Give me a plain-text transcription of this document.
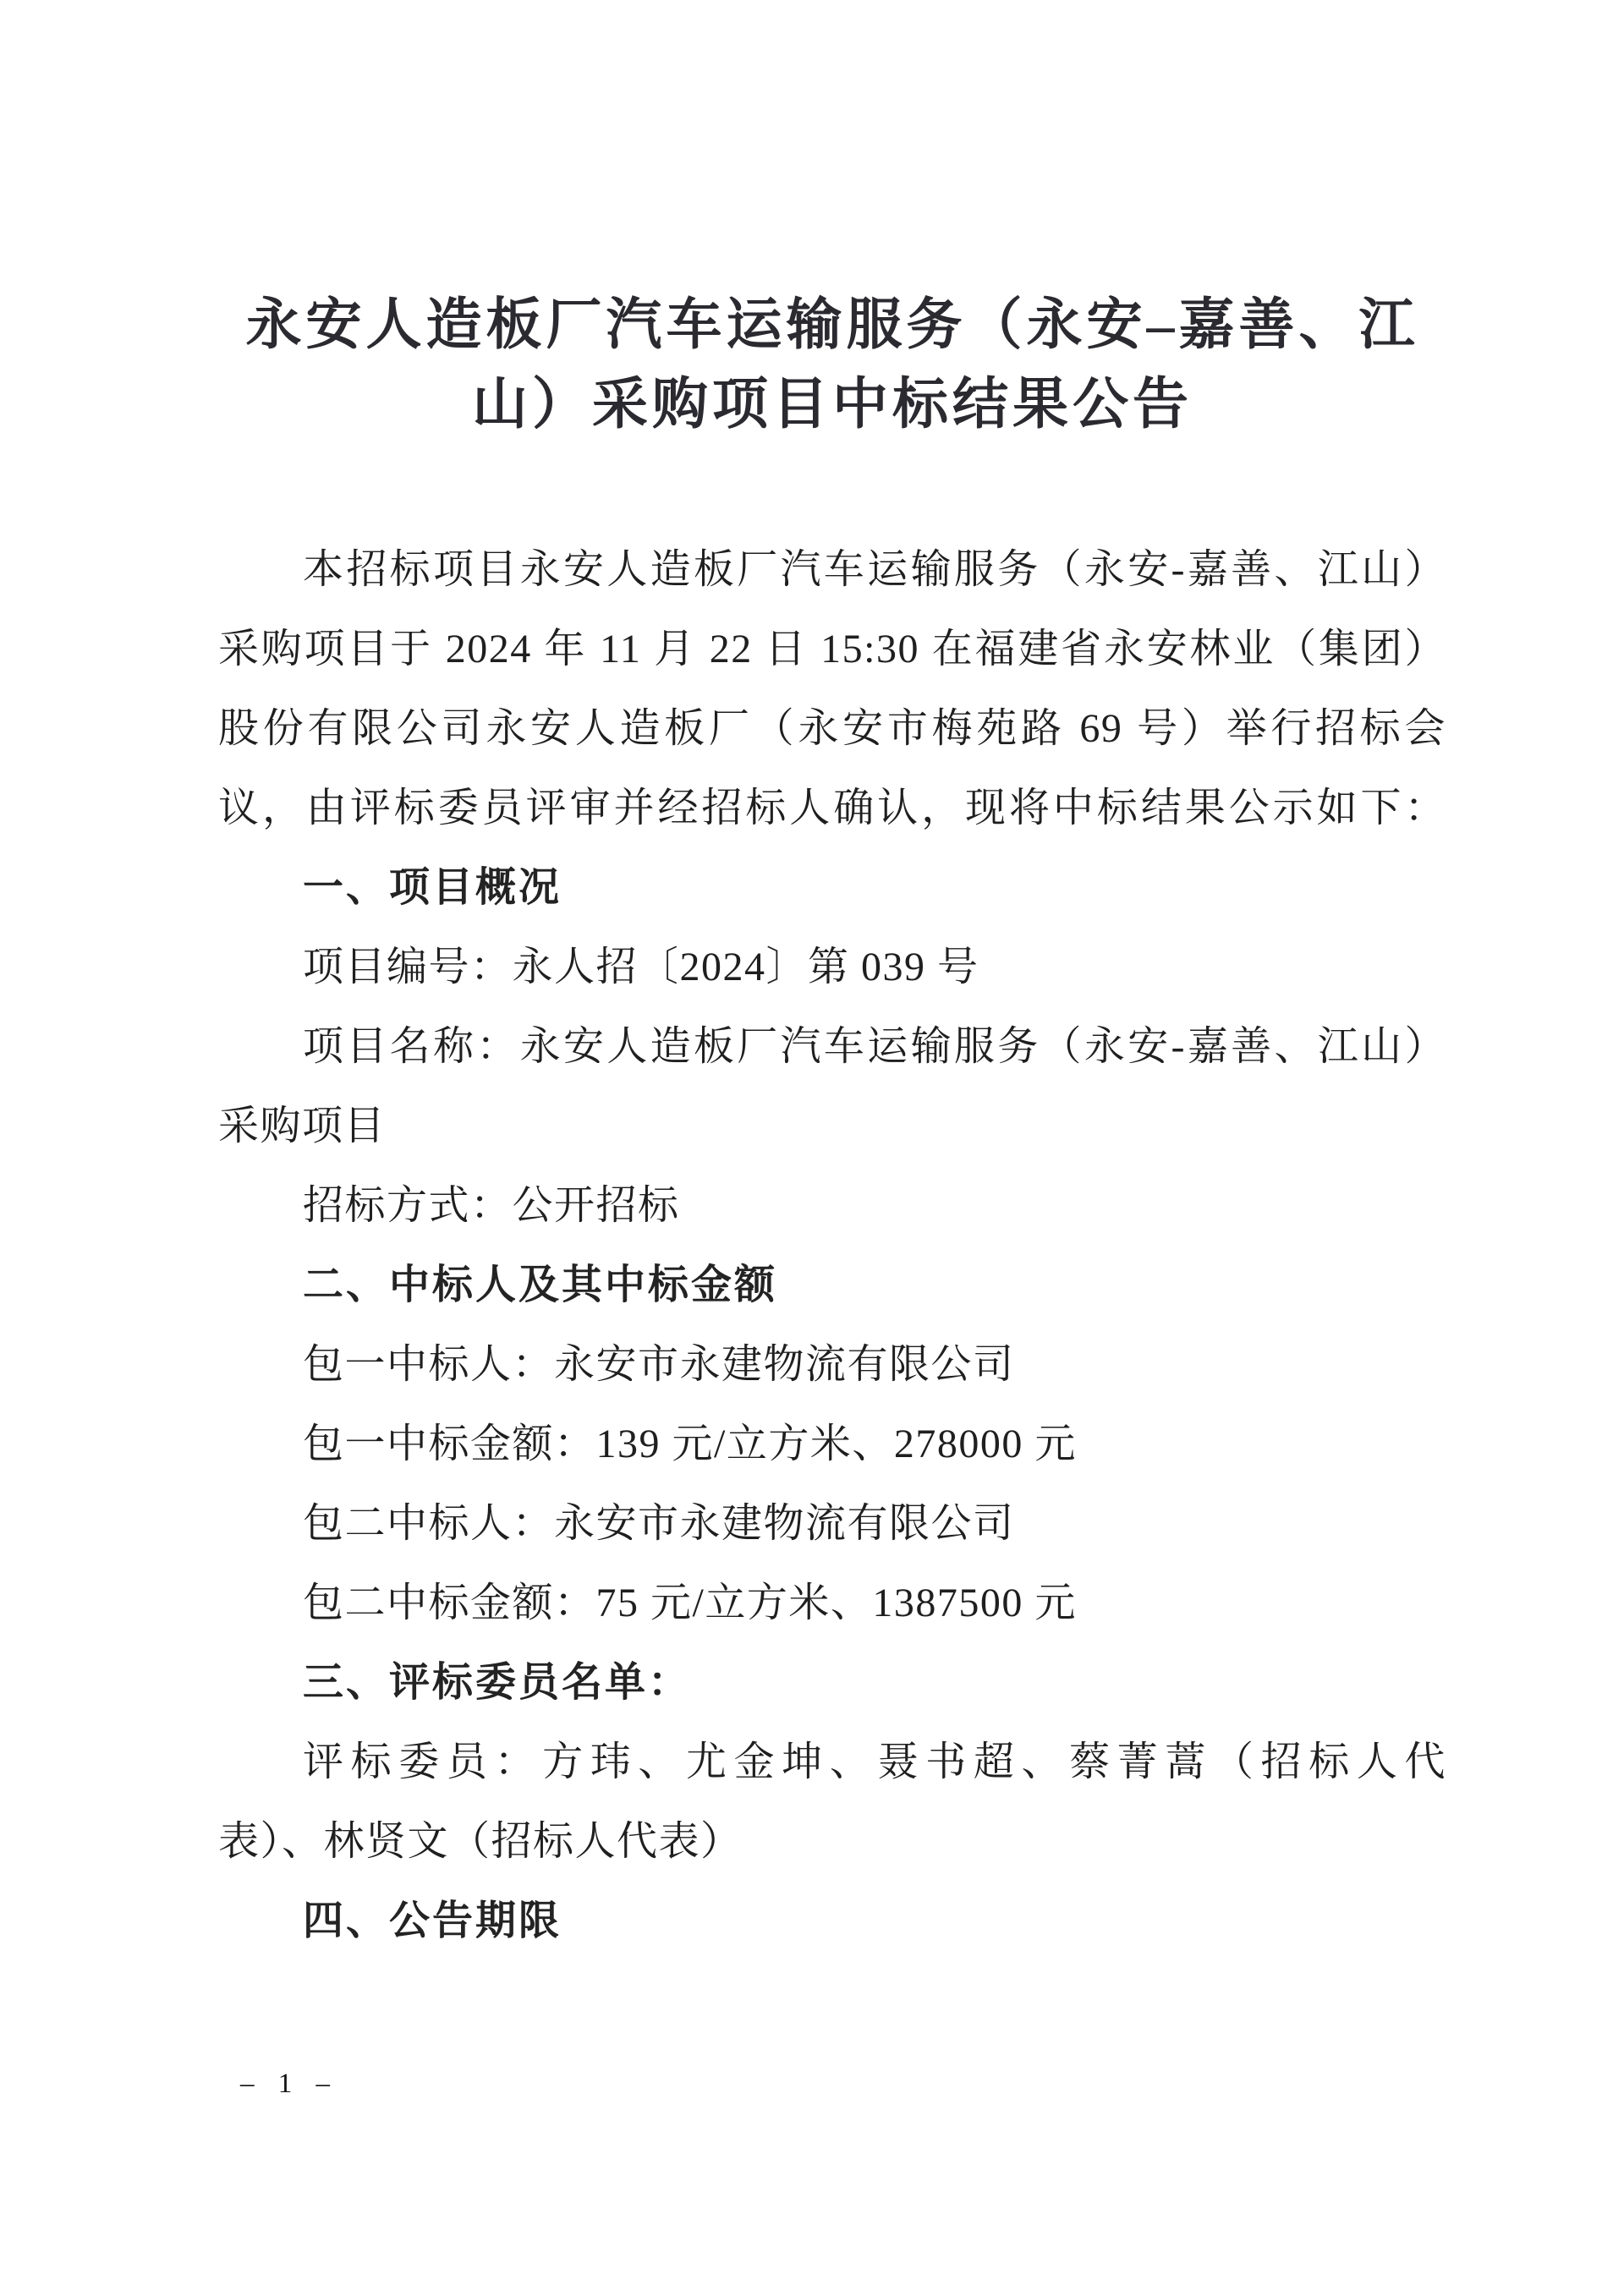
永安人造板厂汽车运输服务（永安–嘉善、江
山）采购项目中标结果公告
本招标项目永安人造板厂汽车运输服务（永安-嘉善、江山）
采购项目于 2024 年 11 月 22 日 15:30 在福建省永安林业（集团）
股份有限公司永安人造板厂（永安市梅苑路 69 号）举行招标会
议，由评标委员评审并经招标人确认，现将中标结果公示如下：
一、项目概况
项目编号：永人招〔2024〕第 039 号
项目名称：永安人造板厂汽车运输服务（永安-嘉善、江山）
采购项目
招标方式：公开招标
二、中标人及其中标金额
包一中标人：永安市永建物流有限公司
包一中标金额：139 元/立方米、278000 元
包二中标人：永安市永建物流有限公司
包二中标金额：75 元/立方米、1387500 元
三、评标委员名单：
评标委员：方玮、尤金坤、聂书超、蔡菁蒿（招标人代
表）、林贤文（招标人代表）
四、公告期限
– 1 –
